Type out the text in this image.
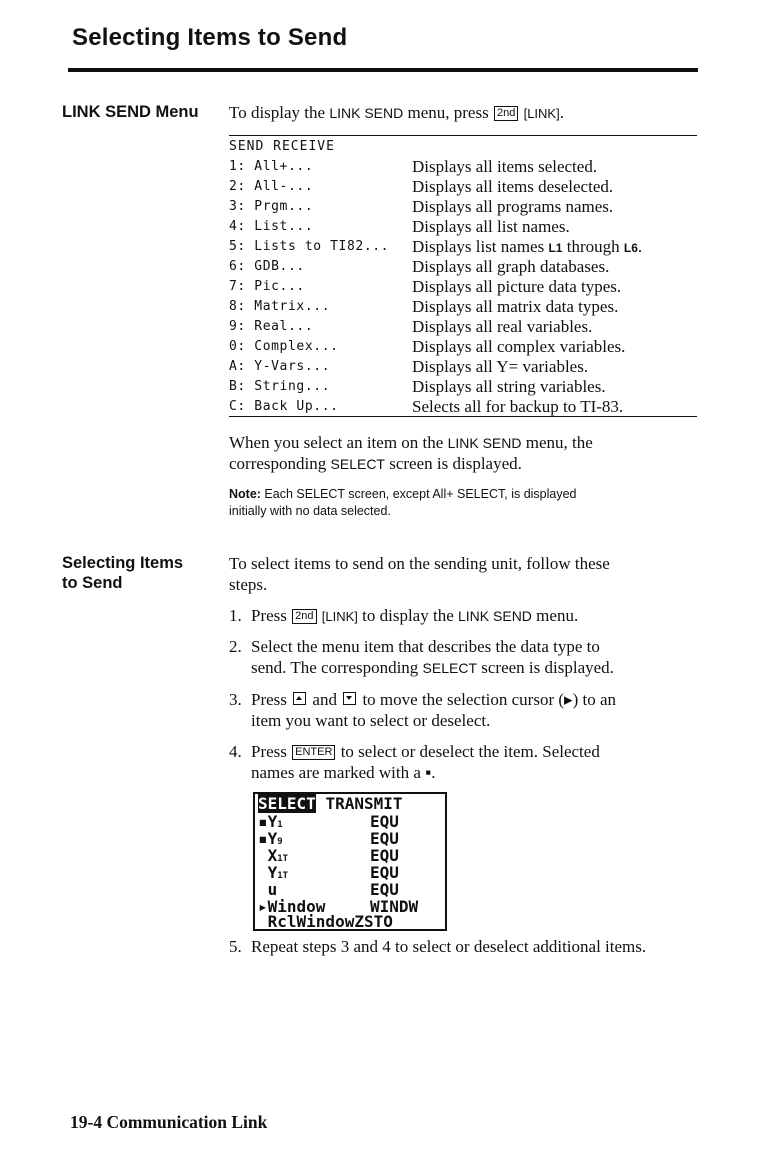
Selecting Items to Send
LINK SEND Menu To display the LINK SEND menu, press 2nd [LINK].
SEND RECEIVE
1: All+...	Displays all items selected.
2: All-...	Displays all items deselected.
3: Prgm...	Displays all programs names.
4: List...	Displays all list names.
5: Lists to TI82... Displays list names L1 through L6.
6: GDB...	Displays all graph databases.
7: Pic...	Displays all picture data types.
8: Matrix...	Displays all matrix data types.
9: Real...	Displays all real variables.
0: Complex...	Displays all complex variables.
A: Y-Vars...	Displays all Y= variables.
B: String...	Displays all string variables.
C: Back Up...	Selects all for backup to TI-83.
When you select an item on the LINK SEND menu, the
corresponding SELECT screen is displayed.
Note: Each SELECT screen, except All+ SELECT, is displayed
initially with no data selected.
Selecting Items
to Send
To select items to send on the sending unit, follow these
steps.
1. Press 2nd [LINK] to display the LINK SEND menu.
2. Select the menu item that describes the data type to
send. The corresponding SELECT screen is displayed.
3. Press  and  to move the selection cursor (▸) to an
item you want to select or deselect.
4. Press ENTER to select or deselect the item. Selected
names are marked with a ▪.
SELECT TRANSMIT
▪Y1	EQU
▪Y9	EQU
X1T	EQU
Y1T	EQU
u	EQU
▸Window	WINDW
RclWindowZSTO
5. Repeat steps 3 and 4 to select or deselect additional items.
19-4 Communication Link
